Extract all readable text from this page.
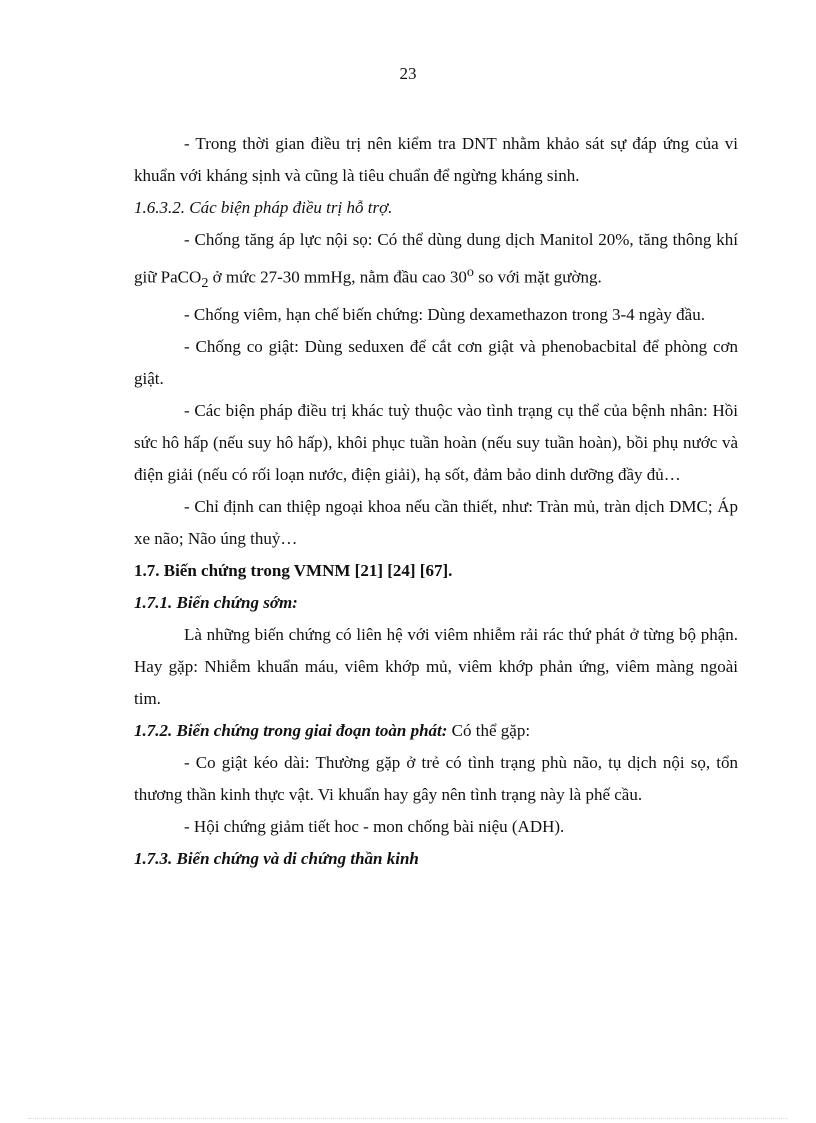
23

- Trong thời gian điều trị nên kiểm tra DNT nhằm khảo sát sự đáp ứng của vi khuẩn với kháng sịnh và cũng là tiêu chuẩn để ngừng kháng sinh.

1.6.3.2. Các biện pháp điều trị hỗ trợ.

- Chống tăng áp lực nội sọ: Có thể dùng dung dịch Manitol 20%, tăng thông khí giữ PaCO$_2$ ở mức 27-30 mmHg, nằm đầu cao 30$^o$ so với mặt gường.

- Chống viêm, hạn chế biến chứng: Dùng dexamethazon trong 3-4 ngày đầu.

- Chống co giật: Dùng seduxen để cắt cơn giật và phenobacbital để phòng cơn giật.

- Các biện pháp điều trị khác tuỳ thuộc vào tình trạng cụ thể của bệnh nhân: Hồi sức hô hấp (nếu suy hô hấp), khôi phục tuần hoàn (nếu suy tuần hoàn), bồi phụ nước và điện giải (nếu có rối loạn nước, điện giải), hạ sốt, đảm bảo dinh dưỡng đầy đủ…

- Chỉ định can thiệp ngoại khoa nếu cần thiết, như: Tràn mủ, tràn dịch DMC; Áp xe não; Não úng thuỷ…

1.7. Biến chứng trong VMNM [21] [24] [67].

1.7.1. Biến chứng sớm:

Là những biến chứng có liên hệ với viêm nhiễm rải rác thứ phát ở từng bộ phận. Hay gặp: Nhiễm khuẩn máu, viêm khớp mủ, viêm khớp phản ứng, viêm màng ngoài tim.

1.7.2. Biến chứng trong giai đoạn toàn phát: Có thể gặp:

- Co giật kéo dài: Thường gặp ở trẻ có tình trạng phù não, tụ dịch nội sọ, tổn thương thần kinh thực vật. Vi khuẩn hay gây nên tình trạng này là phế cầu.

- Hội chứng giảm tiết hoc - mon chống bài niệu (ADH).

1.7.3. Biến chứng và di chứng thần kinh
